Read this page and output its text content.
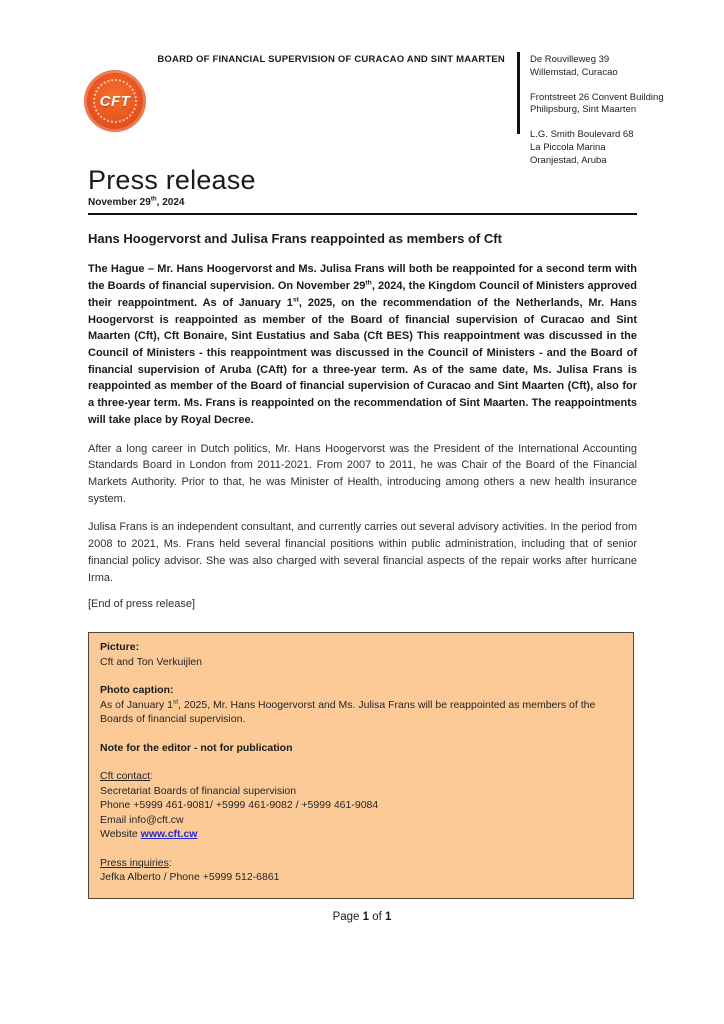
CFT
BOARD OF FINANCIAL SUPERVISION OF CURACAO AND SINT MAARTEN	De Rouvilleweg 39
Willemstad, Curacao
Frontstreet 26 Convent Building
Philipsburg, Sint Maarten
L.G. Smith Boulevard 68
La Piccola Marina
Oranjestad, Aruba
Press release
November 29th, 2024
Hans Hoogervorst and Julisa Frans reappointed as members of Cft

The Hague – Mr. Hans Hoogervorst and Ms. Julisa Frans will both be reappointed for a second term with the Boards of financial supervision. On November 29th, 2024, the Kingdom Council of Ministers approved their reappointment. As of January 1st, 2025, on the recommendation of the Netherlands, Mr. Hans Hoogervorst is reappointed as member of the Board of financial supervision of Curacao and Sint Maarten (Cft), Cft Bonaire, Sint Eustatius and Saba (Cft BES) This reappointment was discussed in the Council of Ministers - this reappointment was discussed in the Council of Ministers - and the Board of financial supervision of Aruba (CAft) for a three-year term. As of the same date, Ms. Julisa Frans is reappointed as member of the Board of financial supervision of Curacao and Sint Maarten (Cft), also for a three-year term. Ms. Frans is reappointed on the recommendation of Sint Maarten. The reappointments will take place by Royal Decree.

After a long career in Dutch politics, Mr. Hans Hoogervorst was the President of the International Accounting Standards Board in London from 2011-2021. From 2007 to 2011, he was Chair of the Board of the Financial Markets Authority. Prior to that, he was Minister of Health, introducing among others a new health insurance system.

Julisa Frans is an independent consultant, and currently carries out several advisory activities. In the period from 2008 to 2021, Ms. Frans held several financial positions within public administration, including that of senior financial policy advisor. She was also charged with several financial aspects of the repair works after hurricane Irma.

[End of press release]

Picture:
Cft and Ton Verkuijlen
Photo caption:
As of January 1st, 2025, Mr. Hans Hoogervorst and Ms. Julisa Frans will be reappointed as members of the Boards of financial supervision.
Note for the editor - not for publication
Cft contact:
Secretariat Boards of financial supervision
Phone +5999 461-9081/ +5999 461-9082 / +5999 461-9084
Email info@cft.cw
Website www.cft.cw
Press inquiries:
Jefka Alberto / Phone +5999 512-6861
Page 1 of 1
